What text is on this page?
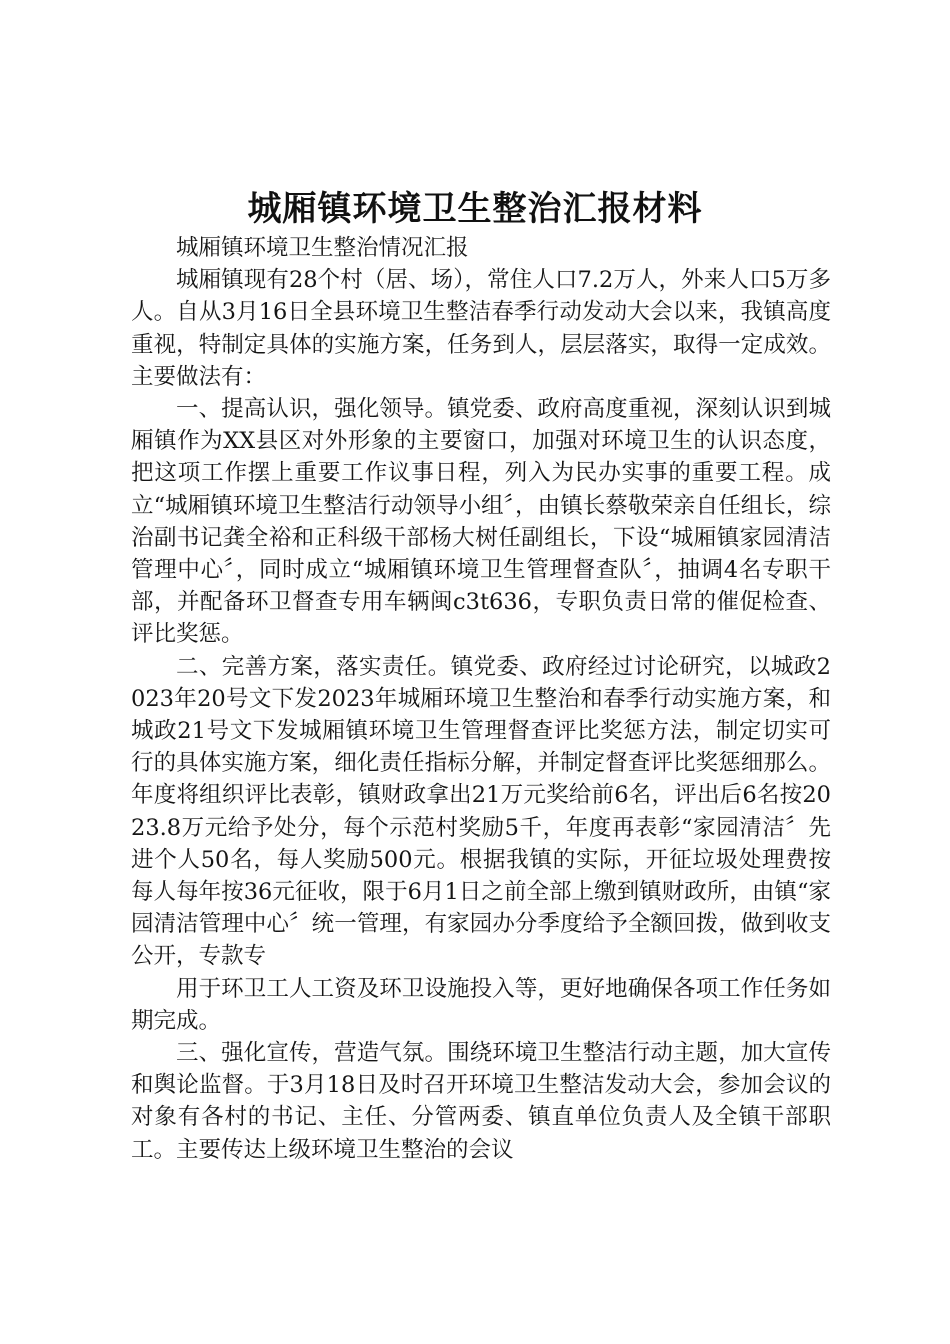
城厢镇环境卫生整治汇报材料

城厢镇环境卫生整治情况汇报

城厢镇现有28个村（居、场），常住人口7.2万人，外来人口5万多人。自从3月16日全县环境卫生整洁春季行动发动大会以来，我镇高度重视，特制定具体的实施方案，任务到人，层层落实，取得一定成效。主要做法有：

一、提高认识，强化领导。镇党委、政府高度重视，深刻认识到城厢镇作为XX县区对外形象的主要窗口，加强对环境卫生的认识态度，把这项工作摆上重要工作议事日程，列入为民办实事的重要工程。成立“城厢镇环境卫生整洁行动领导小组〞，由镇长蔡敬荣亲自任组长，综治副书记龚全裕和正科级干部杨大树任副组长，下设“城厢镇家园清洁管理中心〞，同时成立“城厢镇环境卫生管理督查队〞，抽调4名专职干部，并配备环卫督查专用车辆闽c3t636，专职负责日常的催促检查、评比奖惩。

二、完善方案，落实责任。镇党委、政府经过讨论研究，以城政2023年20号文下发2023年城厢环境卫生整治和春季行动实施方案，和城政21号文下发城厢镇环境卫生管理督查评比奖惩方法，制定切实可行的具体实施方案，细化责任指标分解，并制定督查评比奖惩细那么。年度将组织评比表彰，镇财政拿出21万元奖给前6名，评出后6名按2023.8万元给予处分，每个示范村奖励5千，年度再表彰“家园清洁〞先进个人50名，每人奖励500元。根据我镇的实际，开征垃圾处理费按每人每年按36元征收，限于6月1日之前全部上缴到镇财政所，由镇“家园清洁管理中心〞统一管理，有家园办分季度给予全额回拨，做到收支公开，专款专

用于环卫工人工资及环卫设施投入等，更好地确保各项工作任务如期完成。

三、强化宣传，营造气氛。围绕环境卫生整洁行动主题，加大宣传和舆论监督。于3月18日及时召开环境卫生整洁发动大会，参加会议的对象有各村的书记、主任、分管两委、镇直单位负责人及全镇干部职工。主要传达上级环境卫生整治的会议
